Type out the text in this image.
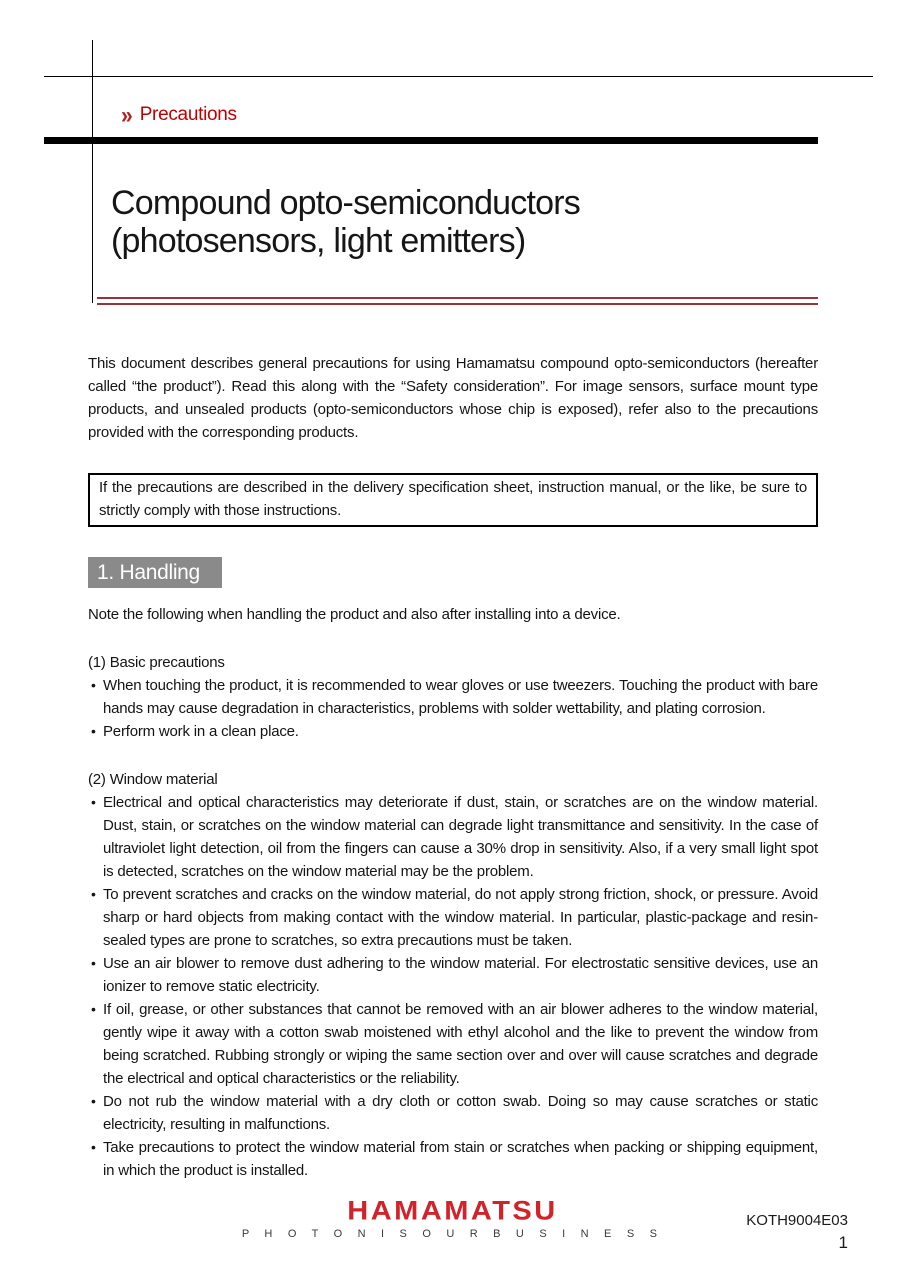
» Precautions
Compound opto-semiconductors
(photosensors, light emitters)

This document describes general precautions for using Hamamatsu compound opto-semiconductors (hereafter called “the product”). Read this along with the “Safety consideration”. For image sensors, surface mount type products, and unsealed products (opto-semiconductors whose chip is exposed), refer also to the precautions provided with the corresponding products.

If the precautions are described in the delivery specification sheet, instruction manual, or the like, be sure to strictly comply with those instructions.
1. Handling

Note the following when handling the product and also after installing into a device.

(1) Basic precautions

• When touching the product, it is recommended to wear gloves or use tweezers. Touching the product with bare hands may cause degradation in characteristics, problems with solder wettability, and plating corrosion.
• Perform work in a clean place.

(2) Window material

• Electrical and optical characteristics may deteriorate if dust, stain, or scratches are on the window material. Dust, stain, or scratches on the window material can degrade light transmittance and sensitivity. In the case of ultraviolet light detection, oil from the fingers can cause a 30% drop in sensitivity. Also, if a very small light spot is detected, scratches on the window material may be the problem.
• To prevent scratches and cracks on the window material, do not apply strong friction, shock, or pressure. Avoid sharp or hard objects from making contact with the window material. In particular, plastic-package and resin-sealed types are prone to scratches, so extra precautions must be taken.
• Use an air blower to remove dust adhering to the window material. For electrostatic sensitive devices, use an ionizer to remove static electricity.
• If oil, grease, or other substances that cannot be removed with an air blower adheres to the window material, gently wipe it away with a cotton swab moistened with ethyl alcohol and the like to prevent the window from being scratched. Rubbing strongly or wiping the same section over and over will cause scratches and degrade the electrical and optical characteristics or the reliability.
• Do not rub the window material with a dry cloth or cotton swab. Doing so may cause scratches or static electricity, resulting in malfunctions.
• Take precautions to protect the window material from stain or scratches when packing or shipping equipment, in which the product is installed.
HAMAMATSU
P H O T O N I S O U R B U S I N E S S
KOTH9004E03
1
